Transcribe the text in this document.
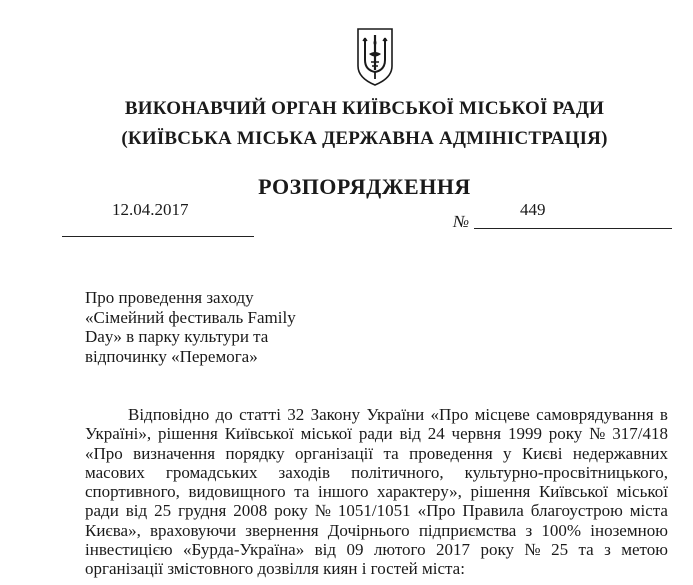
ВИКОНАВЧИЙ ОРГАН КИЇВСЬКОЇ МІСЬКОЇ РАДИ
(КИЇВСЬКА МІСЬКА ДЕРЖАВНА АДМІНІСТРАЦІЯ)
РОЗПОРЯДЖЕННЯ
12.04.2017
№
449
Про проведення заходу
«Сімейний фестиваль Family
Day» в парку культури та
відпочинку «Перемога»
Відповідно до статті 32 Закону України «Про місцеве самоврядування в
Україні», рішення Київської міської ради від 24 червня 1999 року № 317/418
«Про визначення порядку організації та проведення у Києві недержавних
масових громадських заходів політичного, культурно-просвітницького,
спортивного, видовищного та іншого характеру», рішення Київської міської
ради від 25 грудня 2008 року № 1051/1051 «Про Правила благоустрою міста
Києва», враховуючи звернення Дочірнього підприємства з 100% іноземною
інвестицією «Бурда-Україна» від 09 лютого 2017 року № 25 та з метою
організації змістовного дозвілля киян і гостей міста:
